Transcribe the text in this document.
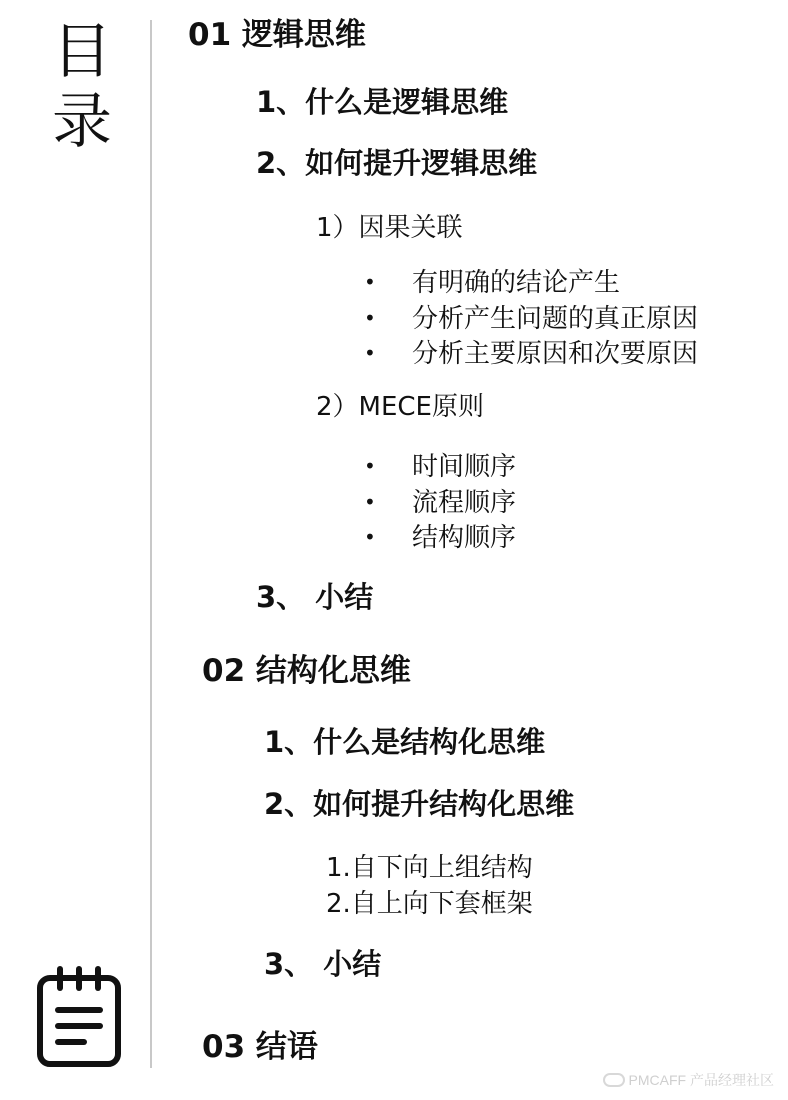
目
录
01 逻辑思维
1、什么是逻辑思维
2、如何提升逻辑思维
1）因果关联
• 有明确的结论产生
• 分析产生问题的真正原因
• 分析主要原因和次要原因
2）MECE原则
• 时间顺序
• 流程顺序
• 结构顺序
3、 小结
02 结构化思维
1、什么是结构化思维
2、如何提升结构化思维
1.自下向上组结构
2.自上向下套框架
3、 小结
03 结语
PMCAFF 产品经理社区
